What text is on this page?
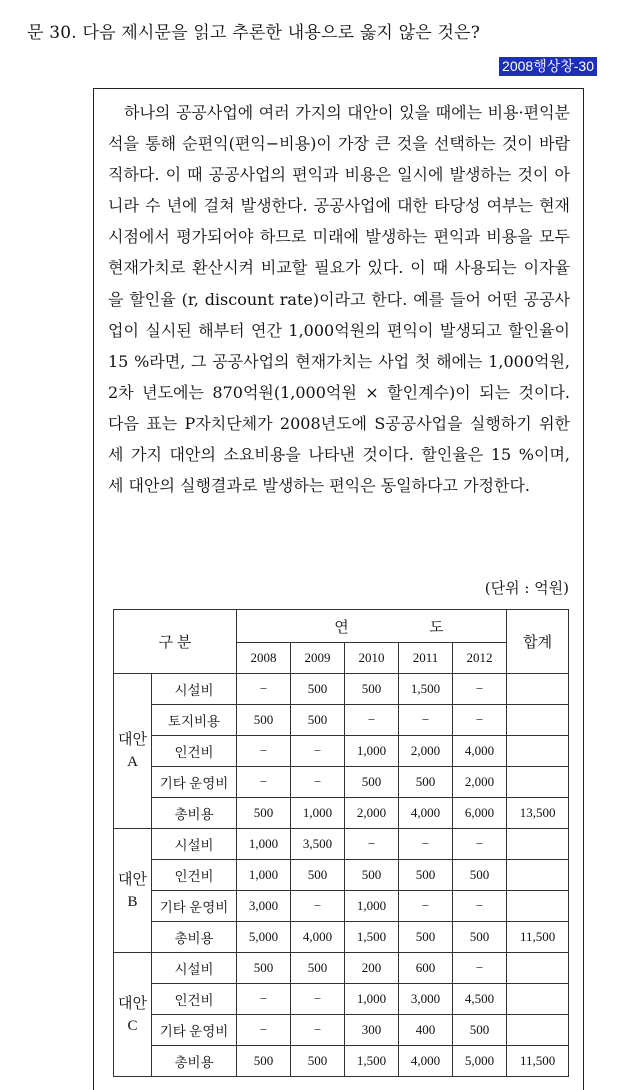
문 30. 다음 제시문을 읽고 추론한 내용으로 옳지 않은 것은?
2008행상창-30

하나의 공공사업에 여러 가지의 대안이 있을 때에는 비용·편익분석을 통해 순편익(편익−비용)이 가장 큰 것을 선택하는 것이 바람직하다. 이 때 공공사업의 편익과 비용은 일시에 발생하는 것이 아니라 수 년에 걸쳐 발생한다. 공공사업에 대한 타당성 여부는 현재시점에서 평가되어야 하므로 미래에 발생하는 편익과 비용을 모두 현재가치로 환산시켜 비교할 필요가 있다. 이 때 사용되는 이자율을 할인율 (r, discount rate)이라고 한다. 예를 들어 어떤 공공사업이 실시된 해부터 연간 1,000억원의 편익이 발생되고 할인율이 15 %라면, 그 공공사업의 현재가치는 사업 첫 해에는 1,000억원, 2차 년도에는 870억원(1,000억원 × 할인계수)이 되는 것이다. 다음 표는 P자치단체가 2008년도에 S공공사업을 실행하기 위한 세 가지 대안의 소요비용을 나타낸 것이다. 할인율은 15 %이며, 세 대안의 실행결과로 발생하는 편익은 동일하다고 가정한다.

(단위 : 억원)
구 분		연 도					합계
		2008	2009	2010	2011	2012	

대안
A	시설비	−	500	500	1,500	−	
	토지비용	500	500	−	−	−	
	인건비	−	−	1,000	2,000	4,000	
	기타 운영비	−	−	500	500	2,000	
	총비용	500	1,000	2,000	4,000	6,000	13,500

대안
B	시설비	1,000	3,500	−	−	−	
	인건비	1,000	500	500	500	500	
	기타 운영비	3,000	−	1,000	−	−	
	총비용	5,000	4,000	1,500	500	500	11,500

대안
C	시설비	500	500	200	600	−	
	인건비	−	−	1,000	3,000	4,500	
	기타 운영비	−	−	300	400	500	
	총비용	500	500	1,500	4,000	5,000	11,500
